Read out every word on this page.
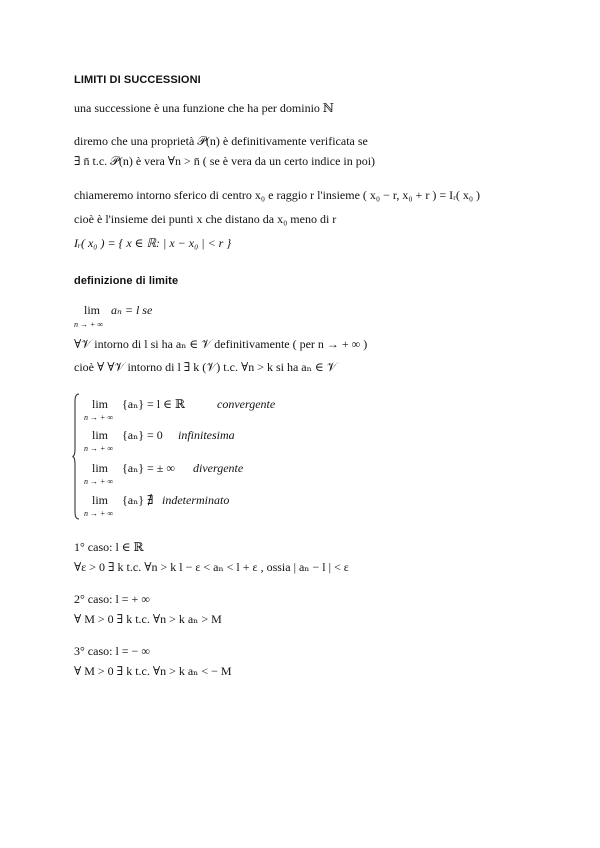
LIMITI DI SUCCESSIONI
una successione è una funzione che ha per dominio ℕ
diremo che una proprietà 𝒫(n) è definitivamente verificata se
∃ n̄ t.c. 𝒫(n) è vera ∀n > n̄ ( se è vera da un certo indice in poi)
chiameremo intorno sferico di centro x₀ e raggio r l'insieme ( x₀ − r, x₀ + r ) = Iᵣ( x₀ )
cioè è l'insieme dei punti x che distano da x₀ meno di r
Iᵣ( x₀ ) = { x ∈ ℝ: | x − x₀ | < r }
definizione di limite
lim aₙ = l se
n → + ∞
∀𝒱 intorno di l si ha aₙ ∈ 𝒱 definitivamente ( per n → + ∞ )
cioè ∀ ∀𝒱 intorno di l ∃ k (𝒱) t.c. ∀n > k si ha aₙ ∈ 𝒱
lim {aₙ} = l ∈ ℝ	convergente
n → + ∞
lim {aₙ} = 0 infinitesima
n → + ∞
lim {aₙ} = ± ∞ divergente
n → + ∞
lim {aₙ} ∄ indeterminato
n → + ∞
1° caso: l ∈ ℝ
∀ε > 0 ∃ k t.c. ∀n > k l − ε < aₙ < l + ε , ossia | aₙ − l | < ε
2° caso: l = + ∞
∀ M > 0 ∃ k t.c. ∀n > k aₙ > M
3° caso: l = − ∞
∀ M > 0 ∃ k t.c. ∀n > k aₙ < − M
